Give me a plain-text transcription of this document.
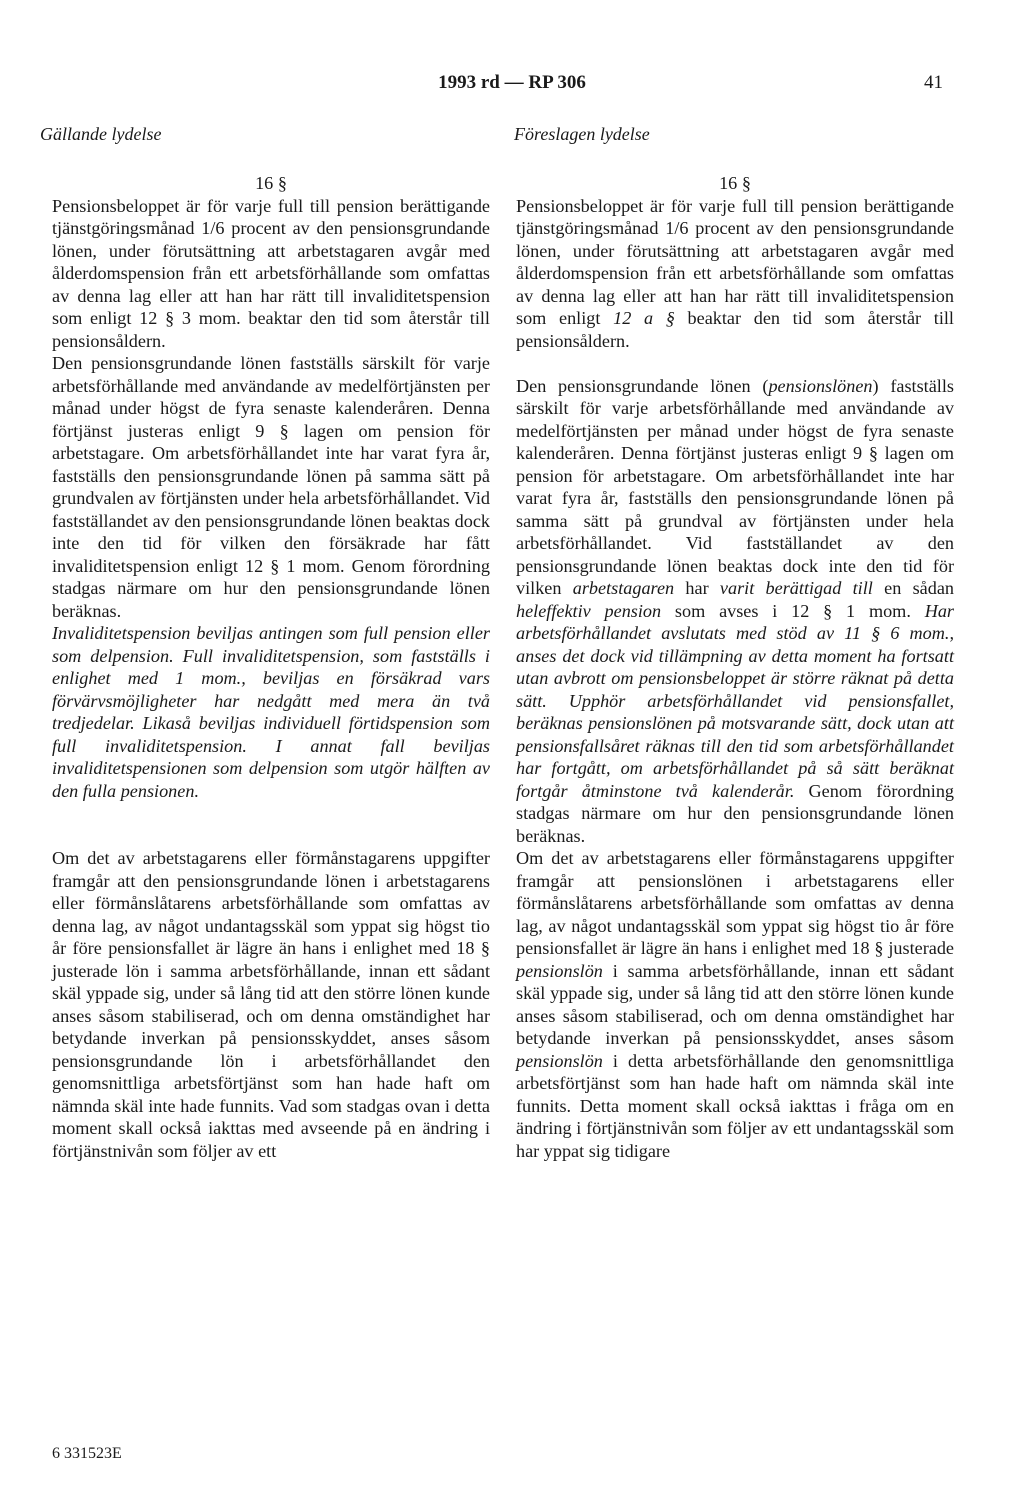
1993 rd — RP 306	41
Gällande lydelse	Föreslagen lydelse

16 §

Pensionsbeloppet är för varje full till pension berättigande tjänstgöringsmånad 1/6 procent av den pensionsgrundande lönen, under förutsättning att arbetstagaren avgår med ålderdomspension från ett arbetsförhållande som omfattas av denna lag eller att han har rätt till invaliditetspension som enligt 12 § 3 mom. beaktar den tid som återstår till pensionsåldern.

Den pensionsgrundande lönen fastställs särskilt för varje arbetsförhållande med användande av medelförtjänsten per månad under högst de fyra senaste kalenderåren. Denna förtjänst justeras enligt 9 § lagen om pension för arbetstagare. Om arbetsförhållandet inte har varat fyra år, fastställs den pensionsgrundande lönen på samma sätt på grundvalen av förtjänsten under hela arbetsförhållandet. Vid fastställandet av den pensionsgrundande lönen beaktas dock inte den tid för vilken den försäkrade har fått invaliditetspension enligt 12 § 1 mom. Genom förordning stadgas närmare om hur den pensionsgrundande lönen beräknas.

Invaliditetspension beviljas antingen som full pension eller som delpension. Full invaliditetspension, som fastställs i enlighet med 1 mom., beviljas en försäkrad vars förvärvsmöjligheter har nedgått med mera än två tredjedelar. Likaså beviljas individuell förtidspension som full invaliditetspension. I annat fall beviljas invaliditetspensionen som delpension som utgör hälften av den fulla pensionen.

Om det av arbetstagarens eller förmånstagarens uppgifter framgår att den pensionsgrundande lönen i arbetstagarens eller förmånslåtarens arbetsförhållande som omfattas av denna lag, av något undantagsskäl som yppat sig högst tio år före pensionsfallet är lägre än hans i enlighet med 18 § justerade lön i samma arbetsförhållande, innan ett sådant skäl yppade sig, under så lång tid att den större lönen kunde anses såsom stabiliserad, och om denna omständighet har betydande inverkan på pensionsskyddet, anses såsom pensionsgrundande lön i arbetsförhållandet den genomsnittliga arbetsförtjänst som han hade haft om nämnda skäl inte hade funnits. Vad som stadgas ovan i detta moment skall också iakttas med avseende på en ändring i förtjänstnivån som följer av ett

16 §

Pensionsbeloppet är för varje full till pension berättigande tjänstgöringsmånad 1/6 procent av den pensionsgrundande lönen, under förutsättning att arbetstagaren avgår med ålderdomspension från ett arbetsförhållande som omfattas av denna lag eller att han har rätt till invaliditetspension som enligt 12 a § beaktar den tid som återstår till pensionsåldern.

Den pensionsgrundande lönen (pensionslönen) fastställs särskilt för varje arbetsförhållande med användande av medelförtjänsten per månad under högst de fyra senaste kalenderåren. Denna förtjänst justeras enligt 9 § lagen om pension för arbetstagare. Om arbetsförhållandet inte har varat fyra år, fastställs den pensionsgrundande lönen på samma sätt på grundval av förtjänsten under hela arbetsförhållandet. Vid fastställandet av den pensionsgrundande lönen beaktas dock inte den tid för vilken arbetstagaren har varit berättigad till en sådan heleffektiv pension som avses i 12 § 1 mom. Har arbetsförhållandet avslutats med stöd av 11 § 6 mom., anses det dock vid tillämpning av detta moment ha fortsatt utan avbrott om pensionsbeloppet är större räknat på detta sätt. Upphör arbetsförhållandet vid pensionsfallet, beräknas pensionslönen på motsvarande sätt, dock utan att pensionsfallsåret räknas till den tid som arbetsförhållandet har fortgått, om arbetsförhållandet på så sätt beräknat fortgår åtminstone två kalenderår. Genom förordning stadgas närmare om hur den pensionsgrundande lönen beräknas.

Om det av arbetstagarens eller förmånstagarens uppgifter framgår att pensionslönen i arbetstagarens eller förmånslåtarens arbetsförhållande som omfattas av denna lag, av något undantagsskäl som yppat sig högst tio år före pensionsfallet är lägre än hans i enlighet med 18 § justerade pensionslön i samma arbetsförhållande, innan ett sådant skäl yppade sig, under så lång tid att den större lönen kunde anses såsom stabiliserad, och om denna omständighet har betydande inverkan på pensionsskyddet, anses såsom pensionslön i detta arbetsförhållande den genomsnittliga arbetsförtjänst som han hade haft om nämnda skäl inte funnits. Detta moment skall också iakttas i fråga om en ändring i förtjänstnivån som följer av ett undantagsskäl som har yppat sig tidigare

6 331523E
